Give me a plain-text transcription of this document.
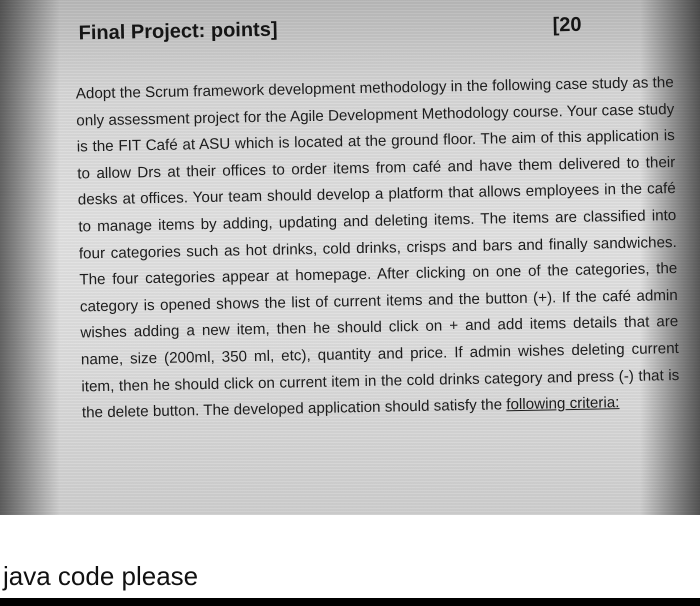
Final Project: points]	[20

Adopt the Scrum framework development methodology in the following case study as the only assessment project for the Agile Development Methodology course. Your case study is the FIT Café at ASU which is located at the ground floor. The aim of this application is to allow Drs at their offices to order items from café and have them delivered to their desks at offices. Your team should develop a platform that allows employees in the café to manage items by adding, updating and deleting items. The items are classified into four categories such as hot drinks, cold drinks, crisps and bars and finally sandwiches. The four categories appear at homepage. After clicking on one of the categories, the category is opened shows the list of current items and the button (+). If the café admin wishes adding a new item, then he should click on + and add items details that are name, size (200ml, 350 ml, etc), quantity and price. If admin wishes deleting current item, then he should click on current item in the cold drinks category and press (-) that is the delete button. The developed application should satisfy the following criteria:

java code please
